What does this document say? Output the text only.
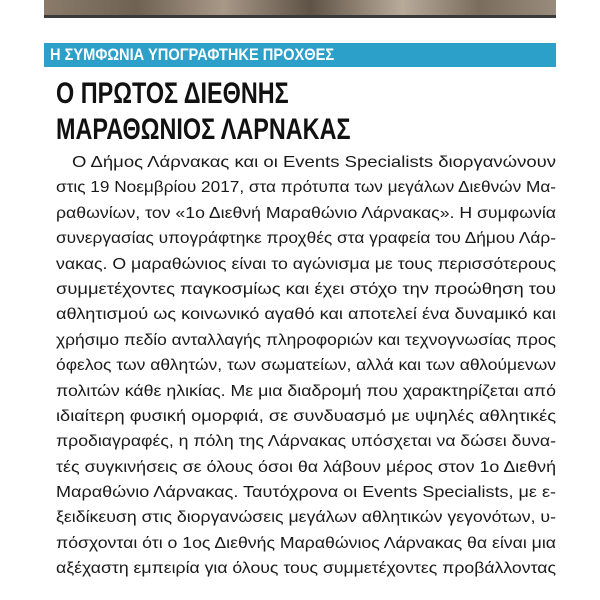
Η ΣΥΜΦΩΝΙΑ ΥΠΟΓΡΑΦΤΗΚΕ ΠΡΟΧΘΕΣ
Ο ΠΡΩΤΟΣ ΔΙΕΘΝΗΣ
ΜΑΡΑΘΩΝΙΟΣ ΛΑΡΝΑΚΑΣ
Ο Δήμος Λάρνακας και οι Events Specialists διοργανώνουν
στις 19 Νοεμβρίου 2017, στα πρότυπα των μεγάλων Διεθνών Μα-
ραθωνίων, τον «1ο Διεθνή Μαραθώνιο Λάρνακας». Η συμφωνία
συνεργασίας υπογράφτηκε προχθές στα γραφεία του Δήμου Λάρ-
νακας. Ο μαραθώνιος είναι το αγώνισμα με τους περισσότερους
συμμετέχοντες παγκοσμίως και έχει στόχο την προώθηση του
αθλητισμού ως κοινωνικό αγαθό και αποτελεί ένα δυναμικό και
χρήσιμο πεδίο ανταλλαγής πληροφοριών και τεχνογνωσίας προς
όφελος των αθλητών, των σωματείων, αλλά και των αθλούμενων
πολιτών κάθε ηλικίας. Με μια διαδρομή που χαρακτηρίζεται από
ιδιαίτερη φυσική ομορφιά, σε συνδυασμό με υψηλές αθλητικές
προδιαγραφές, η πόλη της Λάρνακας υπόσχεται να δώσει δυνα-
τές συγκινήσεις σε όλους όσοι θα λάβουν μέρος στον 1ο Διεθνή
Μαραθώνιο Λάρνακας. Ταυτόχρονα οι Events Specialists, με ε-
ξειδίκευση στις διοργανώσεις μεγάλων αθλητικών γεγονότων, υ-
πόσχονται ότι ο 1ος Διεθνής Μαραθώνιος Λάρνακας θα είναι μια
αξέχαστη εμπειρία για όλους τους συμμετέχοντες προβάλλοντας
